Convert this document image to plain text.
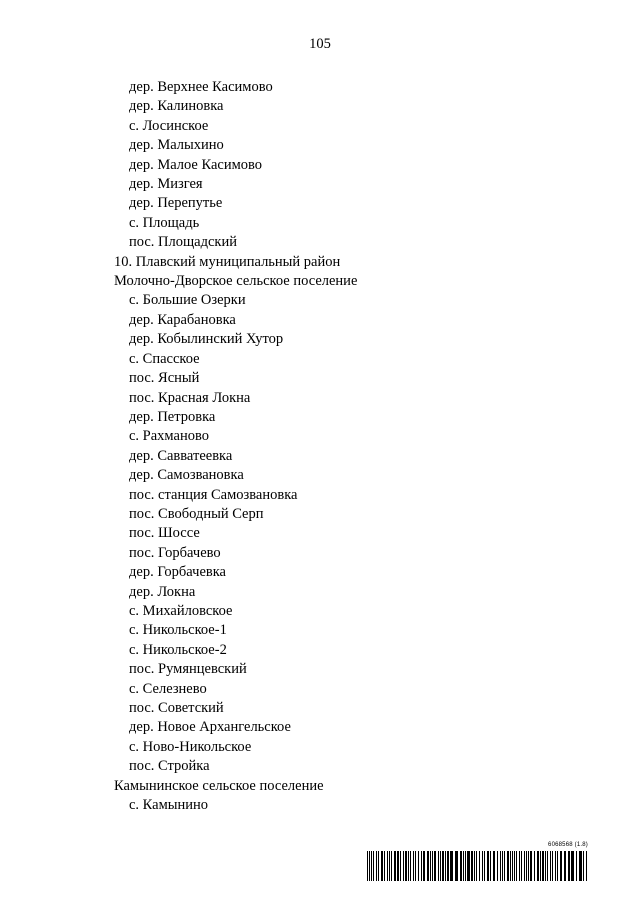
105
дер. Верхнее Касимово
дер. Калиновка
с. Лосинское
дер. Малыхино
дер. Малое Касимово
дер. Мизгея
дер. Перепутье
с. Площадь
пос. Площадский
10. Плавский муниципальный район
Молочно-Дворское сельское поселение
с. Большие Озерки
дер. Карабановка
дер. Кобылинский Хутор
с. Спасское
пос. Ясный
пос. Красная Локна
дер. Петровка
с. Рахманово
дер. Савватеевка
дер. Самозвановка
пос. станция Самозвановка
пос. Свободный Серп
пос. Шоссе
пос. Горбачево
дер. Горбачевка
дер. Локна
с. Михайловское
с. Никольское-1
с. Никольское-2
пос. Румянцевский
с. Селезнево
пос. Советский
дер. Новое Архангельское
с. Ново-Никольское
пос. Стройка
Камынинское сельское поселение
с. Камынино
6068568 (1.8)
